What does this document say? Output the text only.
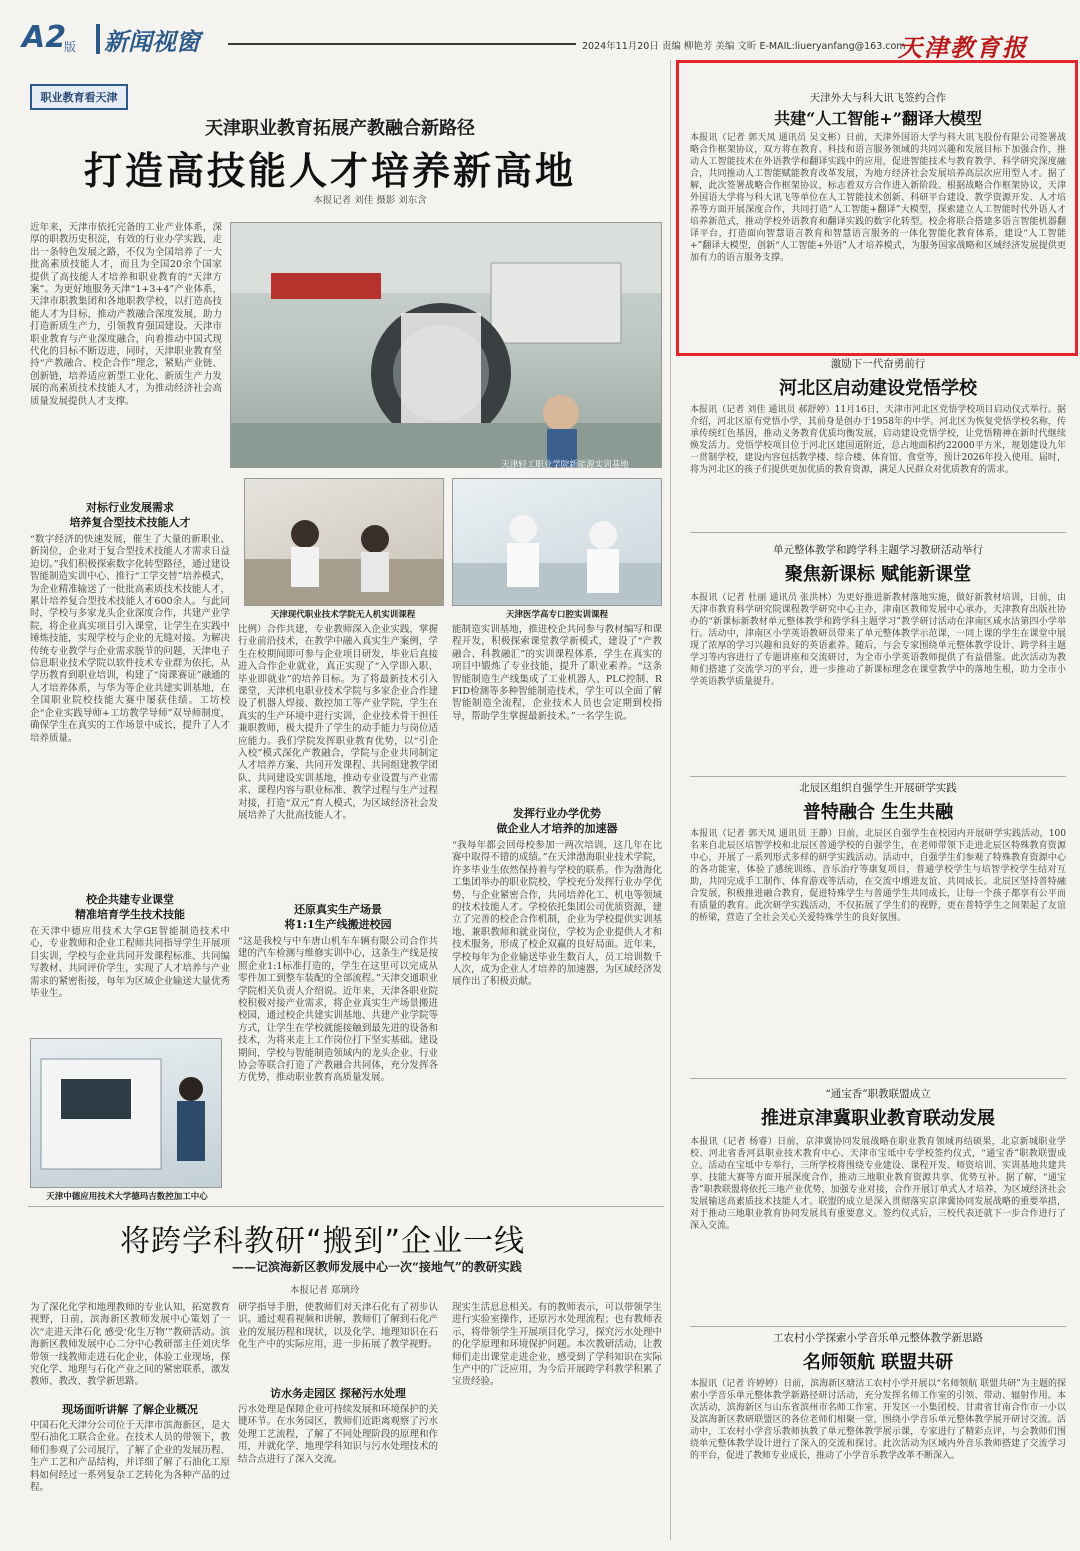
A2
版 新闻视窗	2024年11月20日 责编 柳艳芳 美编 文昕 E-MAIL:liueryanfang@163.com
天津教育报
职业教育看天津
天津职业教育拓展产教融合新路径
打造高技能人才培养新高地
本报记者 刘佳 摄影 刘东含
近年来，天津市依托完备的工业产业体系，深厚的职教历史积淀，有效的行业办学实践，走出一条特色发展之路，不仅为全国培养了一大批高素质技能人才，而且为全国20余个国家提供了高技能人才培养和职业教育的“天津方案”。为更好地服务天津“1+3+4”产业体系，天津市职教集团和各地职教学校，以打造高技能人才为目标，推动产教融合深度发展，助力打造新质生产力，引领教育强国建设。天津市职业教育与产业深度融合，向着推动中国式现代化的目标不断迈进，同时，天津职业教育坚持“产教融合、校企合作”理念，紧贴产业链、创新链，培养适应新型工业化、新质生产力发展的高素质技术技能人才，为推动经济社会高质量发展提供人才支撑。
天津轻工职业学院新能源实训基地
天津现代职业技术学院无人机实训课程	天津医学高专口腔实训课程
对标行业发展需求
培养复合型技术技能人才
“数字经济的快速发展，催生了大量的新职业、新岗位，企业对于复合型技术技能人才需求日益迫切。”我们积极探索数字化转型路径，通过建设智能制造实训中心、推行“工学交替”培养模式，为企业精准输送了一批批高素质技术技能人才，累计培养复合型技术技能人才600余人。与此同时，学校与多家龙头企业深度合作，共建产业学院，将企业真实项目引入课堂，让学生在实践中锤炼技能，实现学校与企业的无缝对接。为解决传统专业教学与企业需求脱节的问题，天津电子信息职业技术学院以软件技术专业群为依托，从学历教育到职业培训，构建了“岗课赛证”融通的人才培养体系，与华为等企业共建实训基地，在全国职业院校技能大赛中屡获佳绩。工坊校企“企业实践导师+工坊教学导师”双导师制度，确保学生在真实的工作场景中成长，提升了人才培养质量。
校企共建专业课堂
精准培育学生技术技能
在天津中德应用技术大学GE智能制造技术中心，专业教师和企业工程师共同指导学生开展项目实训，学校与企业共同开发课程标准、共同编写教材、共同评价学生，实现了人才培养与产业需求的紧密衔接，每年为区域企业输送大量优秀毕业生。
天津中德应用技术大学德玛吉数控加工中心
比例）合作共建，专业教师深入企业实践，掌握行业前沿技术，在教学中融入真实生产案例，学生在校期间即可参与企业项目研发，毕业后直接进入合作企业就业，真正实现了“入学即入职、毕业即就业”的培养目标。为了将最新技术引入课堂，天津机电职业技术学院与多家企业合作建设了机器人焊接、数控加工等产业学院，学生在真实的生产环境中进行实训，企业技术骨干担任兼职教师，极大提升了学生的动手能力与岗位适应能力。我们学院发挥职业教育优势，以“引企入校”模式深化产教融合，学院与企业共同制定人才培养方案、共同开发课程、共同组建教学团队、共同建设实训基地，推动专业设置与产业需求、课程内容与职业标准、教学过程与生产过程对接，打造“双元”育人模式，为区域经济社会发展培养了大批高技能人才。
还原真实生产场景
将1:1生产线搬进校园
“这是我校与中车唐山机车车辆有限公司合作共建的汽车检测与维修实训中心，这条生产线是按照企业1:1标准打造的，学生在这里可以完成从零件加工到整车装配的全部流程。”天津交通职业学院相关负责人介绍说。近年来，天津各职业院校积极对接产业需求，将企业真实生产场景搬进校园，通过校企共建实训基地、共建产业学院等方式，让学生在学校就能接触到最先进的设备和技术，为将来走上工作岗位打下坚实基础。建设期间，学校与智能制造领域内的龙头企业、行业协会等联合打造了产教融合共同体，充分发挥各方优势，推动职业教育高质量发展。
能制造实训基地，推进校企共同参与教材编写和课程开发，积极探索课堂教学新模式，建设了“产教融合、科教融汇”的实训课程体系，学生在真实的项目中锻炼了专业技能，提升了职业素养。“这条智能制造生产线集成了工业机器人、PLC控制、RFID检测等多种智能制造技术，学生可以全面了解智能制造全流程，企业技术人员也会定期到校指导，帮助学生掌握最新技术。”一名学生说。
发挥行业办学优势
做企业人才培养的加速器
“我每年都会回母校参加一两次培训，这几年在比赛中取得不错的成绩。”在天津渤海职业技术学院，许多毕业生依然保持着与学校的联系。作为渤海化工集团举办的职业院校，学校充分发挥行业办学优势，与企业紧密合作，共同培养化工、机电等领域的技术技能人才。学校依托集团公司优质资源，建立了完善的校企合作机制，企业为学校提供实训基地、兼职教师和就业岗位，学校为企业提供人才和技术服务，形成了校企双赢的良好局面。近年来，学校每年为企业输送毕业生数百人，员工培训数千人次，成为企业人才培养的加速器，为区域经济发展作出了积极贡献。
天津外大与科大讯飞签约合作
共建“人工智能+”翻译大模型
本报讯（记者 郭天凤 通讯员 吴文彬）日前，天津外国语大学与科大讯飞股份有限公司签署战略合作框架协议，双方将在教育、科技和语言服务领域的共同兴趣和发展目标下加强合作，推动人工智能技术在外语教学和翻译实践中的应用，促进智能技术与教育教学、科学研究深度融合，共同推动人工智能赋能教育改革发展，为地方经济社会发展培养高层次应用型人才。据了解，此次签署战略合作框架协议，标志着双方合作进入新阶段。根据战略合作框架协议，天津外国语大学将与科大讯飞等单位在人工智能技术创新、科研平台建设、教学资源开发、人才培养等方面开展深度合作，共同打造“人工智能+翻译”大模型，探索建立人工智能时代外语人才培养新范式，推动学校外语教育和翻译实践的数字化转型。校企将联合搭建多语言智能机器翻译平台，打造面向智慧语言教育和智慧语言服务的一体化智能化教育体系，建设“人工智能+”翻译大模型，创新“人工智能+外语”人才培养模式，为服务国家战略和区域经济发展提供更加有力的语言服务支撑。
激励下一代奋勇前行
河北区启动建设党悟学校
本报讯（记者 刘佳 通讯员 郝舒婷）11月16日，天津市河北区党悟学校项目启动仪式举行。据介绍，河北区原有党悟小学，其前身是创办于1958年的中学。河北区为恢复党悟学校名称，传承传统红色基因，推动义务教育优质均衡发展，启动建设党悟学校，让党悟精神在新时代继续焕发活力。党悟学校项目位于河北区建国道附近，总占地面积约22000平方米，规划建设九年一贯制学校，建设内容包括教学楼、综合楼、体育馆、食堂等，预计2026年投入使用。届时，将为河北区的孩子们提供更加优质的教育资源，满足人民群众对优质教育的需求。
单元整体教学和跨学科主题学习教研活动举行
聚焦新课标 赋能新课堂
本报讯（记者 杜丽 通讯员 张洪林）为更好推进新教材落地实施，做好新教材培训，日前，由天津市教育科学研究院课程教学研究中心主办，津南区教师发展中心承办，天津教育出版社协办的“新课标新教材单元整体教学和跨学科主题学习”教学研讨活动在津南区咸水沽第四小学举行。活动中，津南区小学英语教研员带来了单元整体教学示范课，一同上课的学生在课堂中展现了浓厚的学习兴趣和良好的英语素养。随后，与会专家围绕单元整体教学设计、跨学科主题学习等内容进行了专题讲座和交流研讨，为全市小学英语教师提供了有益借鉴。此次活动为教师们搭建了交流学习的平台，进一步推动了新课标理念在课堂教学中的落地生根，助力全市小学英语教学质量提升。
北辰区组织自强学生开展研学实践
普特融合 生生共融
本报讯（记者 郭天凤 通讯员 王静）日前，北辰区自强学生在校园内开展研学实践活动，100名来自北辰区培智学校和北辰区普通学校的自强学生，在老师带领下走进北辰区特殊教育资源中心，开展了一系列形式多样的研学实践活动。活动中，自强学生们参观了特殊教育资源中心的各功能室，体验了感统训练、音乐治疗等康复项目，普通学校学生与培智学校学生结对互助，共同完成手工制作、体育游戏等活动，在交流中增进友谊、共同成长。北辰区坚持普特融合发展，积极推进融合教育，促进特殊学生与普通学生共同成长，让每一个孩子都享有公平而有质量的教育。此次研学实践活动，不仅拓展了学生们的视野，更在普特学生之间架起了友谊的桥梁，营造了全社会关心关爱特殊学生的良好氛围。
“通宝香”职教联盟成立
推进京津冀职业教育联动发展
本报讯（记者 杨睿）日前，京津冀协同发展战略在职业教育领域再结硕果，北京新城职业学校、河北省香河县职业技术教育中心、天津市宝坻中专学校签约仪式，“通宝香”职教联盟成立。活动在宝坻中专举行，三所学校将围绕专业建设、课程开发、师资培训、实训基地共建共享、技能大赛等方面开展深度合作，推动三地职业教育资源共享、优势互补。据了解，“通宝香”职教联盟将依托三地产业优势，加强专业对接，合作开展订单式人才培养，为区域经济社会发展输送高素质技术技能人才。联盟的成立是深入贯彻落实京津冀协同发展战略的重要举措，对于推动三地职业教育协同发展具有重要意义。签约仪式后，三校代表还就下一步合作进行了深入交流。
工农村小学探索小学音乐单元整体教学新思路
名师领航 联盟共研
本报讯（记者 许婷婷）日前，滨海新区塘沽工农村小学开展以“名师领航 联盟共研”为主题的探索小学音乐单元整体教学新路径研讨活动，充分发挥名师工作室的引领、带动、辐射作用。本次活动，滨海新区与山东省滨州市名师工作室、开发区一小集团校、甘肃省甘南合作市一小以及滨海新区教研联盟区的各位老师们相聚一堂，围绕小学音乐单元整体教学展开研讨交流。活动中，工农村小学音乐教师执教了单元整体教学展示课，专家进行了精彩点评，与会教师们围绕单元整体教学设计进行了深入的交流和探讨。此次活动为区域内外音乐教师搭建了交流学习的平台，促进了教师专业成长，推动了小学音乐教学改革不断深入。
将跨学科教研“搬到”企业一线
——记滨海新区教师发展中心一次“接地气”的教研实践
本报记者 郑璃玲
为了深化化学和地理教师的专业认知，拓宽教育视野，日前，滨海新区教师发展中心策划了一次“走进天津石化 感受‘化生万物’”教研活动。滨海新区教师发展中心二分中心教研部主任刘庆华带领一线教师走进石化企业，体验工业现场，探究化学、地理与石化产业之间的紧密联系，激发教师、教改、教学新思路。
现场面听讲解 了解企业概况
中国石化天津分公司位于天津市滨海新区，是大型石油化工联合企业。在技术人员的带领下，教师们参观了公司展厅，了解了企业的发展历程、生产工艺和产品结构，并详细了解了石油化工原料如何经过一系列复杂工艺转化为各种产品的过程。
研学指导手册，使教师们对天津石化有了初步认识。通过观看视频和讲解，教师们了解到石化产业的发展历程和现状，以及化学、地理知识在石化生产中的实际应用，进一步拓展了教学视野。
访水务走园区 探秘污水处理
污水处理是保障企业可持续发展和环境保护的关键环节。在水务园区，教师们近距离观察了污水处理工艺流程，了解了不同处理阶段的原理和作用，并就化学、地理学科知识与污水处理技术的结合点进行了深入交流。
现实生活息息相关。有的教师表示，可以带领学生进行实验室操作，还原污水处理流程；也有教师表示，将带领学生开展项目化学习，探究污水处理中的化学原理和环境保护问题。本次教研活动，让教师们走出课堂走进企业，感受到了学科知识在实际生产中的广泛应用，为今后开展跨学科教学积累了宝贵经验。
